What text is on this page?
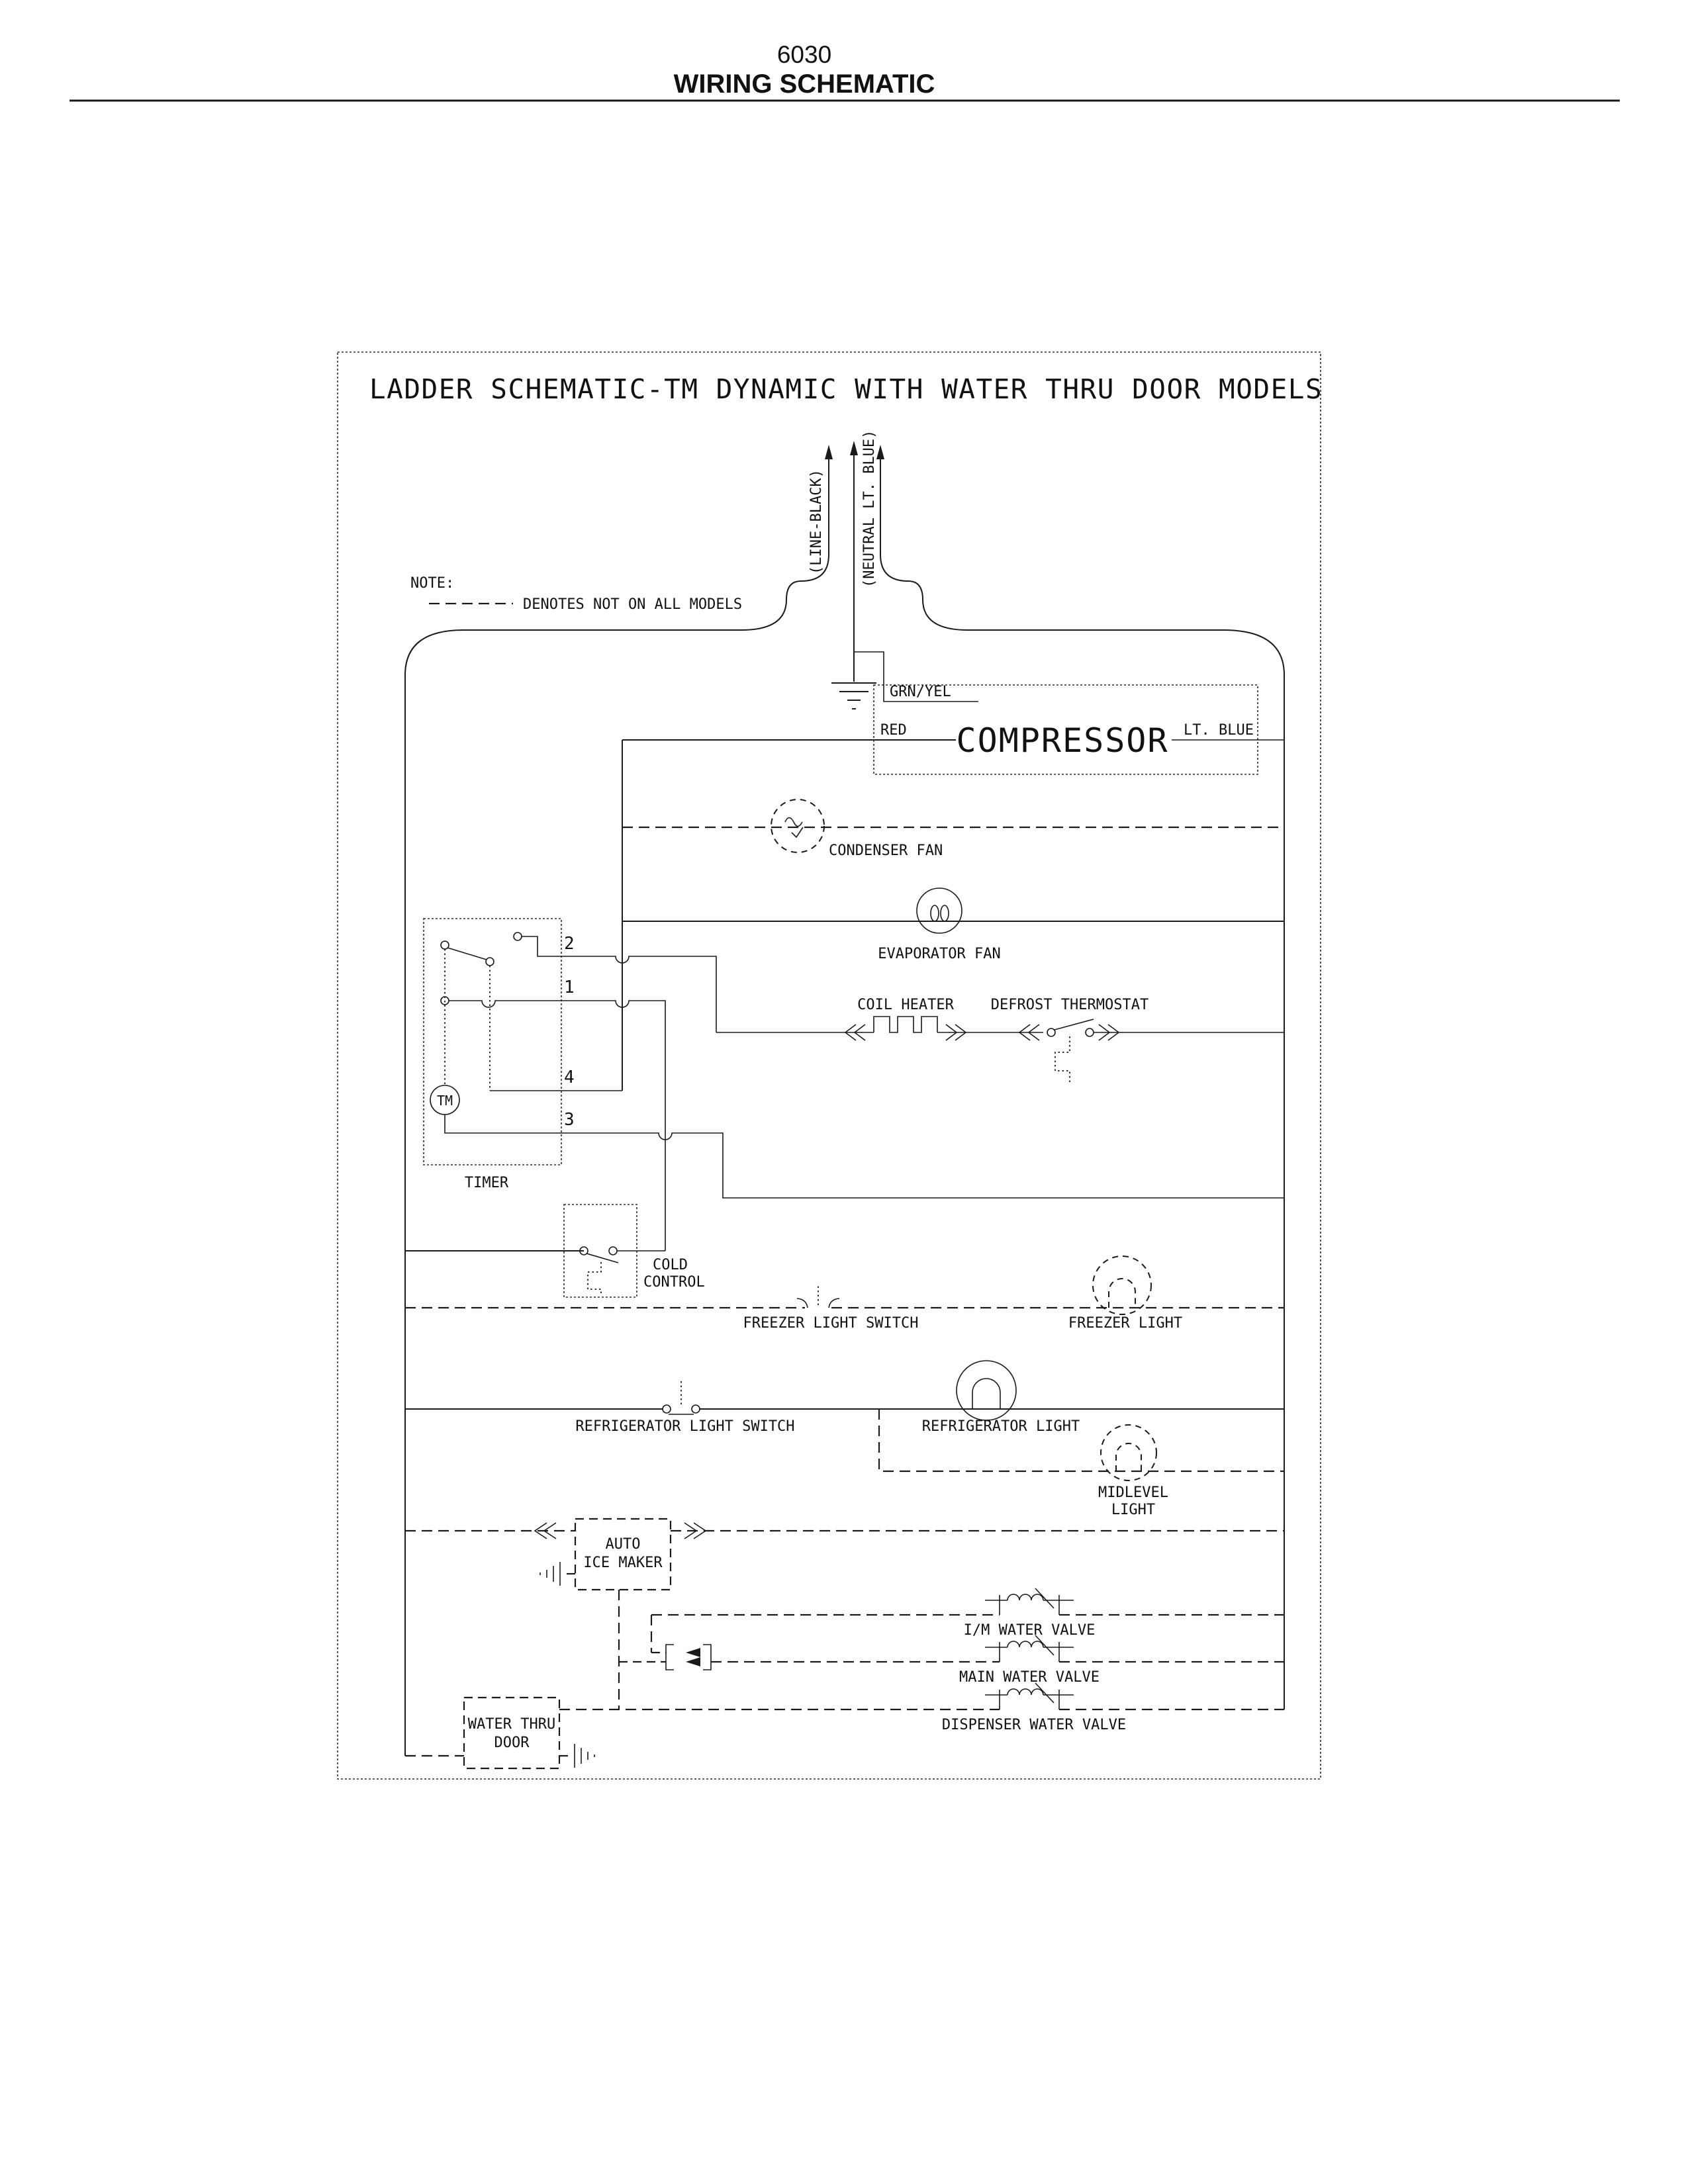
6030
WIRING SCHEMATIC
LADDER SCHEMATIC-TM DYNAMIC WITH WATER THRU DOOR MODELS
NOTE:
DENOTES NOT ON ALL MODELS
(LINE-BLACK)	(NEUTRAL LT. BLUE)
GRN/YEL
RED COMPRESSOR LT. BLUE
CONDENSER FAN
EVAPORATOR FAN
TIMER
TM
2
1
4
3
COIL HEATER	DEFROST THERMOSTAT
COLD
CONTROL
FREEZER LIGHT SWITCH	FREEZER LIGHT
REFRIGERATOR LIGHT SWITCH	REFRIGERATOR LIGHT
MIDLEVEL
LIGHT
AUTO
ICE MAKER
I/M WATER VALVE
MAIN WATER VALVE
DISPENSER WATER VALVE
WATER THRU
DOOR
